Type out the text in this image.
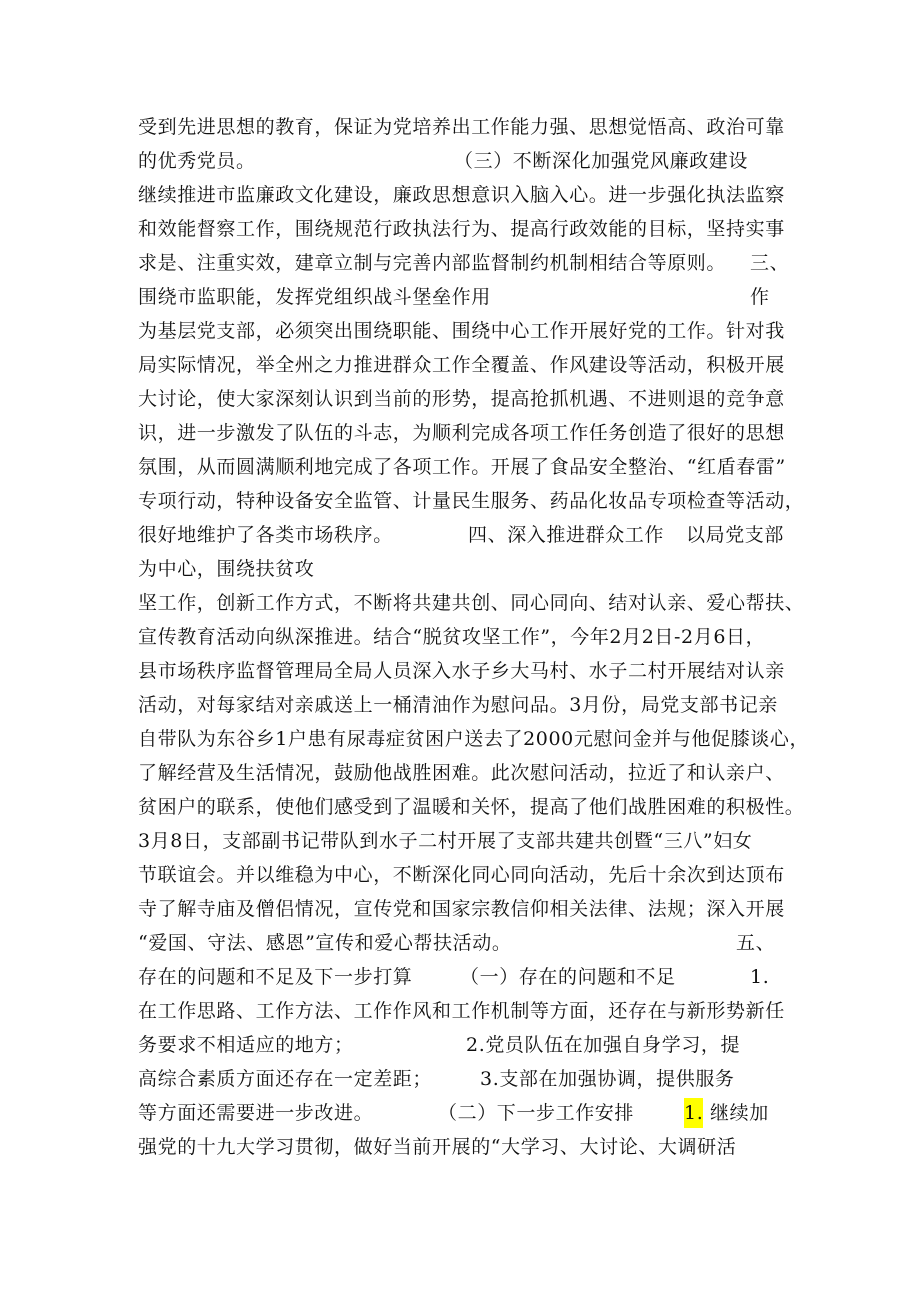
受到先进思想的教育，保证为党培养出工作能力强、思想觉悟高、政治可靠
的优秀党员。	（三）不断深化加强党风廉政建设
继续推进市监廉政文化建设，廉政思想意识入脑入心。进一步强化执法监察
和效能督察工作，围绕规范行政执法行为、提高行政效能的目标，坚持实事
求是、注重实效，建章立制与完善内部监督制约机制相结合等原则。 三、
围绕市监职能，发挥党组织战斗堡垒作用	作
为基层党支部，必须突出围绕职能、围绕中心工作开展好党的工作。针对我
局实际情况，举全州之力推进群众工作全覆盖、作风建设等活动，积极开展
大讨论，使大家深刻认识到当前的形势，提高抢抓机遇、不进则退的竞争意
识，进一步激发了队伍的斗志，为顺利完成各项工作任务创造了很好的思想
氛围，从而圆满顺利地完成了各项工作。开展了食品安全整治、“红盾春雷”
专项行动，特种设备安全监管、计量民生服务、药品化妆品专项检查等活动，
很好地维护了各类市场秩序。	四、深入推进群众工作 以局党支部
为中心，围绕扶贫攻
坚工作，创新工作方式，不断将共建共创、同心同向、结对认亲、爱心帮扶、
宣传教育活动向纵深推进。结合“脱贫攻坚工作”，今年2月2日-2月6日，
县市场秩序监督管理局全局人员深入水子乡大马村、水子二村开展结对认亲
活动，对每家结对亲戚送上一桶清油作为慰问品。3月份，局党支部书记亲
自带队为东谷乡1户患有尿毒症贫困户送去了2000元慰问金并与他促膝谈心，
了解经营及生活情况，鼓励他战胜困难。此次慰问活动，拉近了和认亲户、
贫困户的联系，使他们感受到了温暖和关怀，提高了他们战胜困难的积极性。
3月8日，支部副书记带队到水子二村开展了支部共建共创暨“三八”妇女
节联谊会。并以维稳为中心，不断深化同心同向活动，先后十余次到达顶布
寺了解寺庙及僧侣情况，宣传党和国家宗教信仰相关法律、法规；深入开展
“爱国、守法、感恩”宣传和爱心帮扶活动。	五、
存在的问题和不足及下一步打算	（一）存在的问题和不足	1.
在工作思路、工作方法、工作作风和工作机制等方面，还存在与新形势新任
务要求不相适应的地方；	2.党员队伍在加强自身学习，提
高综合素质方面还存在一定差距；	3.支部在加强协调，提供服务
等方面还需要进一步改进。	（二）下一步工作安排	1. 继续加
强党的十九大学习贯彻，做好当前开展的“大学习、大讨论、大调研活
